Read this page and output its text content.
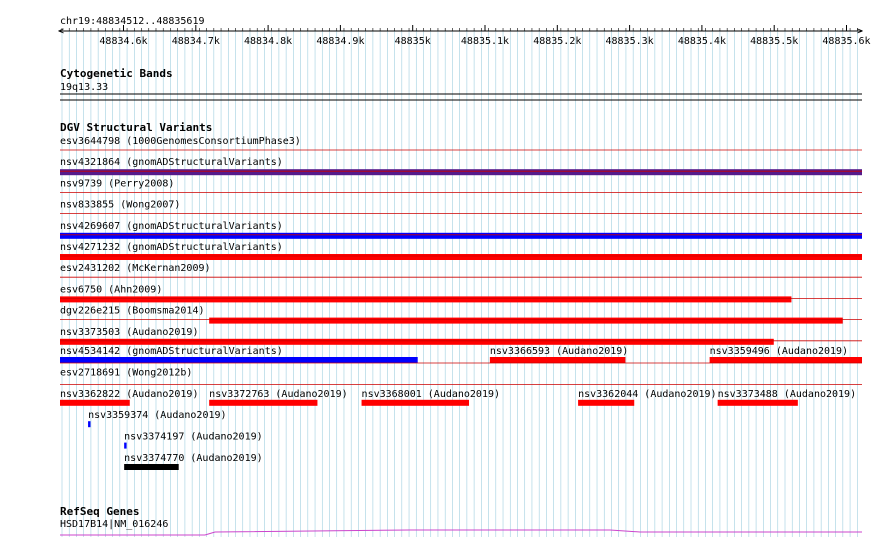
chr19:48834512..48835619
<	>
48834.6k 48834.7k 48834.8k 48834.9k	48835k	48835.1k 48835.2k 48835.3k 48835.4k 48835.5k 48835.6k
Cytogenetic Bands
19q13.33
DGV Structural Variants
esv3644798 (1000GenomesConsortiumPhase3)
nsv4321864 (gnomADStructuralVariants)
nsv9739 (Perry2008)
nsv833855 (Wong2007)
nsv4269607 (gnomADStructuralVariants)
nsv4271232 (gnomADStructuralVariants)
esv2431202 (McKernan2009)
esv6750 (Ahn2009)
dgv226e215 (Boomsma2014)
nsv3373503 (Audano2019)
nsv4534142 (gnomADStructuralVariants)	nsv3366593 (Audano2019)	nsv3359496 (Audano2019)
esv2718691 (Wong2012b)
nsv3362822 (Audano2019) nsv3372763 (Audano2019) nsv3368001 (Audano2019)	nsv3362044 (Audano2019) nsv3373488 (Audano2019)
nsv3359374 (Audano2019)
nsv3374197 (Audano2019)
nsv3374770 (Audano2019)
RefSeq Genes
HSD17B14|NM_016246
